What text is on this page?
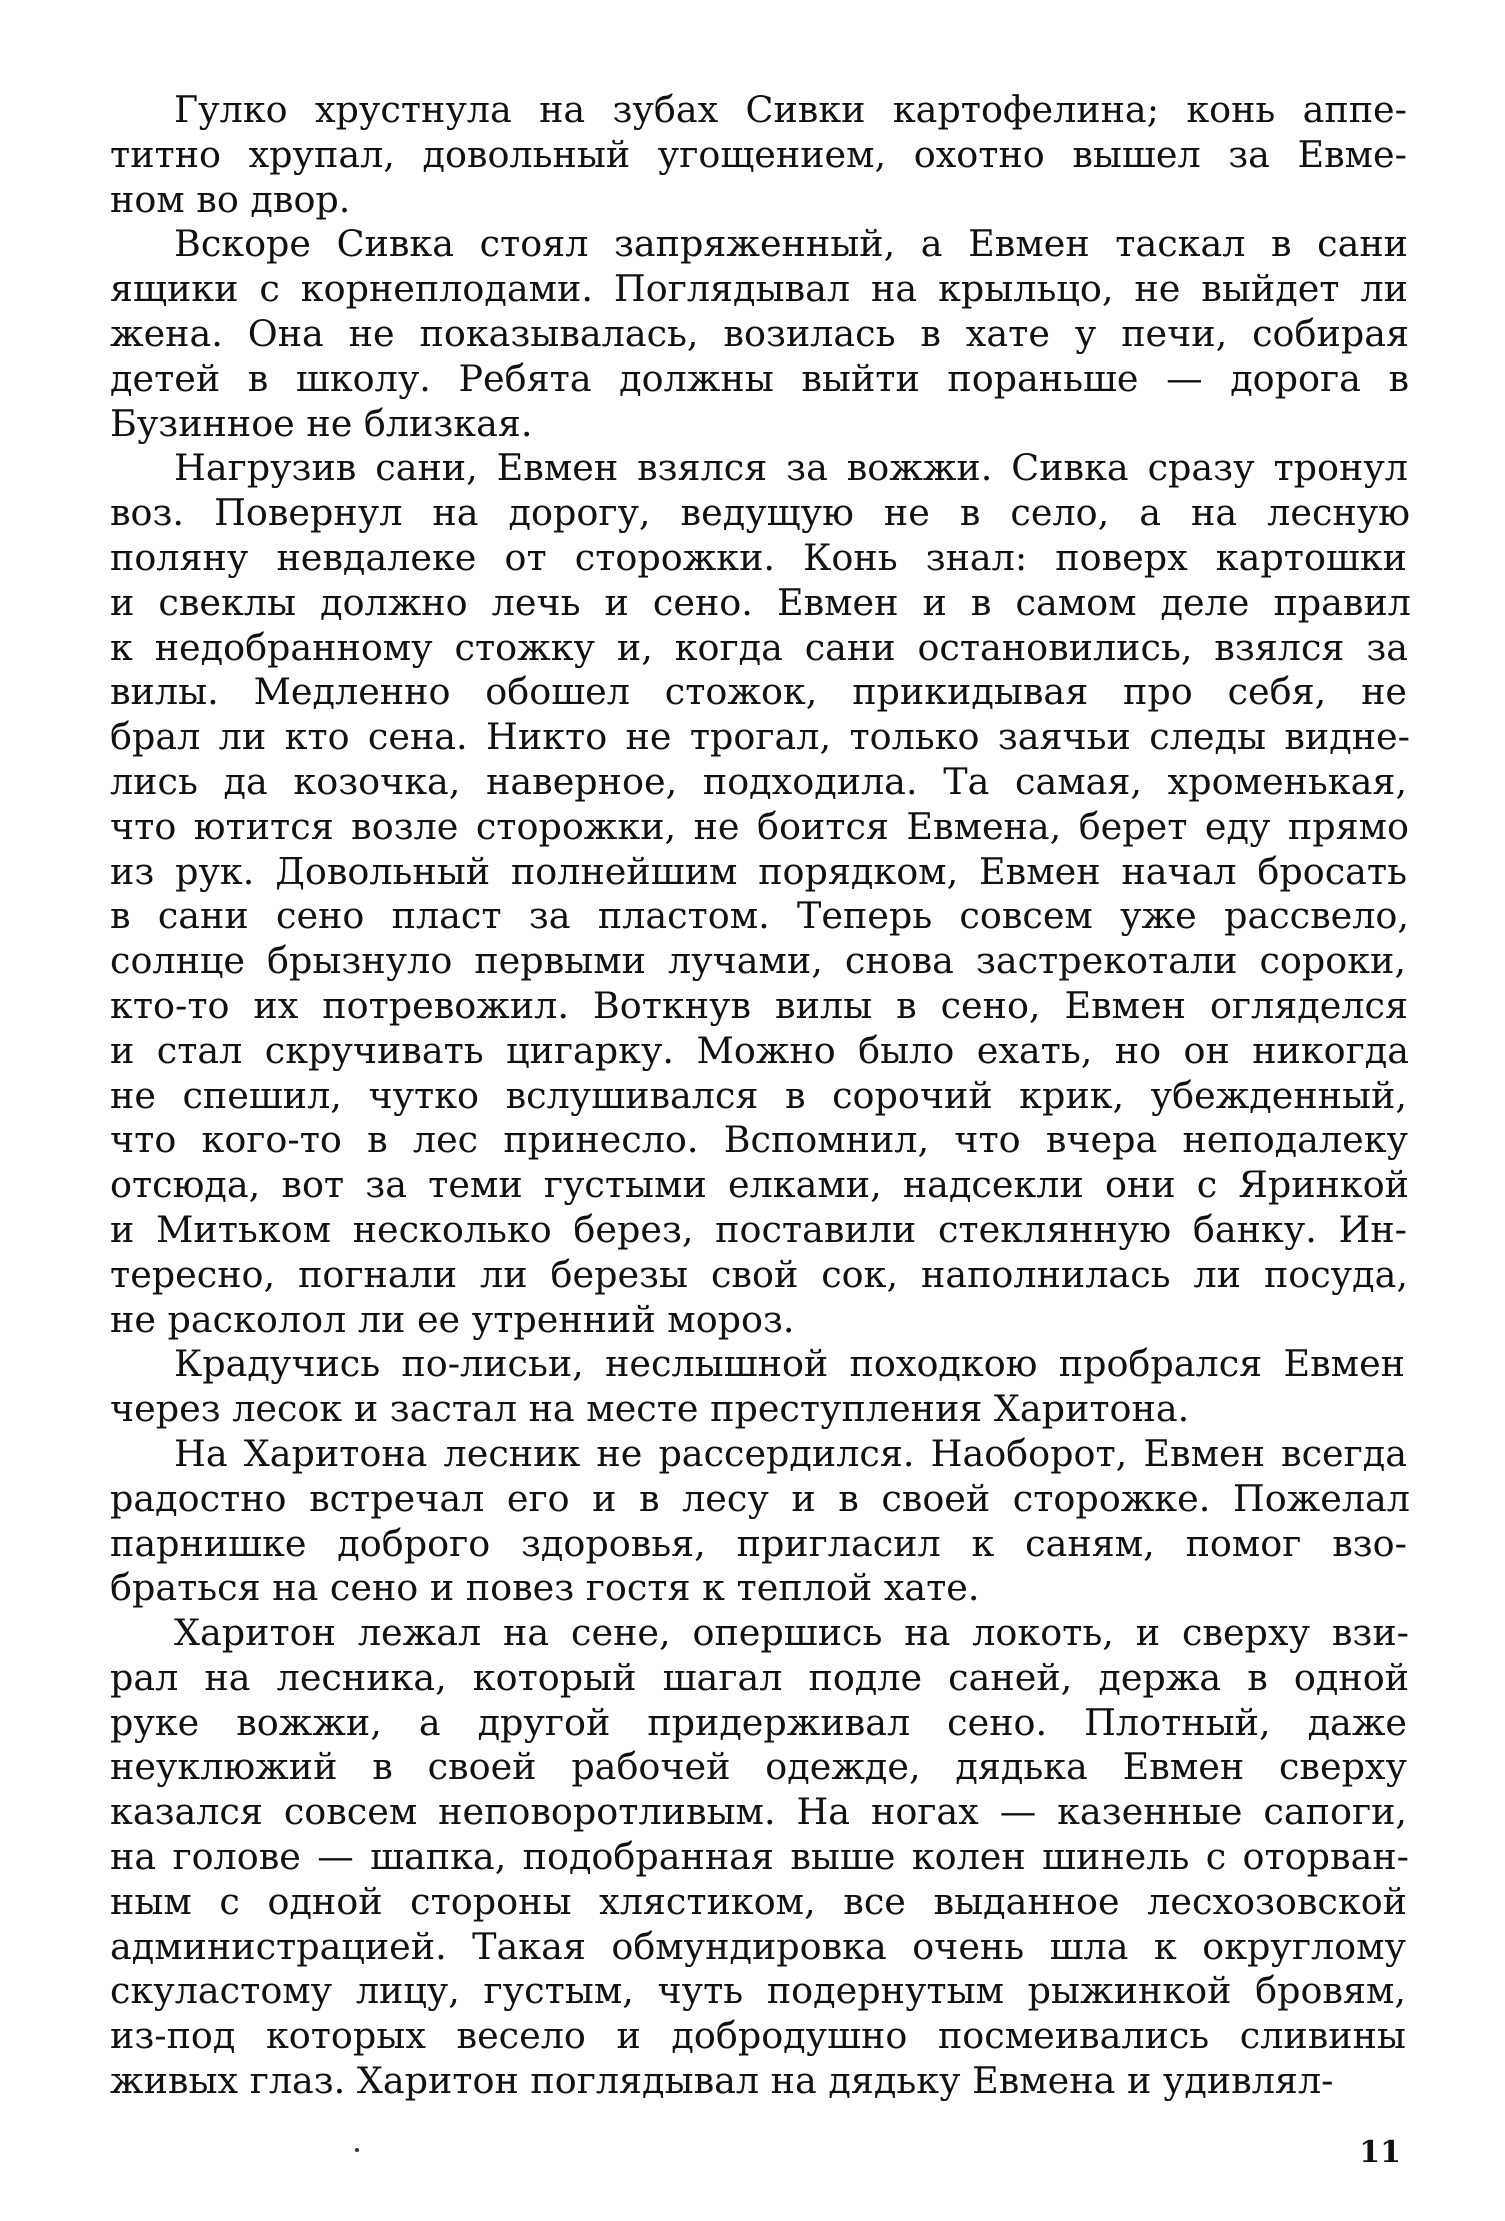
Гулко хрустнула на зубах Сивки картофелина; конь аппе-
титно хрупал, довольный угощением, охотно вышел за Евме-
ном во двор.
Вскоре Сивка стоял запряженный, а Евмен таскал в сани
ящики с корнеплодами. Поглядывал на крыльцо, не выйдет ли
жена. Она не показывалась, возилась в хате у печи, собирая
детей в школу. Ребята должны выйти пораньше — дорога в
Бузинное не близкая.
Нагрузив сани, Евмен взялся за вожжи. Сивка сразу тронул
воз. Повернул на дорогу, ведущую не в село, а на лесную
поляну невдалеке от сторожки. Конь знал: поверх картошки
и свеклы должно лечь и сено. Евмен и в самом деле правил
к недобранному стожку и, когда сани остановились, взялся за
вилы. Медленно обошел стожок, прикидывая про себя, не
брал ли кто сена. Никто не трогал, только заячьи следы видне-
лись да козочка, наверное, подходила. Та самая, хроменькая,
что ютится возле сторожки, не боится Евмена, берет еду прямо
из рук. Довольный полнейшим порядком, Евмен начал бросать
в сани сено пласт за пластом. Теперь совсем уже рассвело,
солнце брызнуло первыми лучами, снова застрекотали сороки,
кто-то их потревожил. Воткнув вилы в сено, Евмен огляделся
и стал скручивать цигарку. Можно было ехать, но он никогда
не спешил, чутко вслушивался в сорочий крик, убежденный,
что кого-то в лес принесло. Вспомнил, что вчера неподалеку
отсюда, вот за теми густыми елками, надсекли они с Яринкой
и Митьком несколько берез, поставили стеклянную банку. Ин-
тересно, погнали ли березы свой сок, наполнилась ли посуда,
не расколол ли ее утренний мороз.
Крадучись по-лисьи, неслышной походкою пробрался Евмен
через лесок и застал на месте преступления Харитона.
На Харитона лесник не рассердился. Наоборот, Евмен всегда
радостно встречал его и в лесу и в своей сторожке. Пожелал
парнишке доброго здоровья, пригласил к саням, помог взо-
браться на сено и повез гостя к теплой хате.
Харитон лежал на сене, опершись на локоть, и сверху взи-
рал на лесника, который шагал подле саней, держа в одной
руке вожжи, а другой придерживал сено. Плотный, даже
неуклюжий в своей рабочей одежде, дядька Евмен сверху
казался совсем неповоротливым. На ногах — казенные сапоги,
на голове — шапка, подобранная выше колен шинель с оторван-
ным с одной стороны хлястиком, все выданное лесхозовской
администрацией. Такая обмундировка очень шла к округлому
скуластому лицу, густым, чуть подернутым рыжинкой бровям,
из-под которых весело и добродушно посмеивались сливины
живых глаз. Харитон поглядывал на дядьку Евмена и удивлял-
11
